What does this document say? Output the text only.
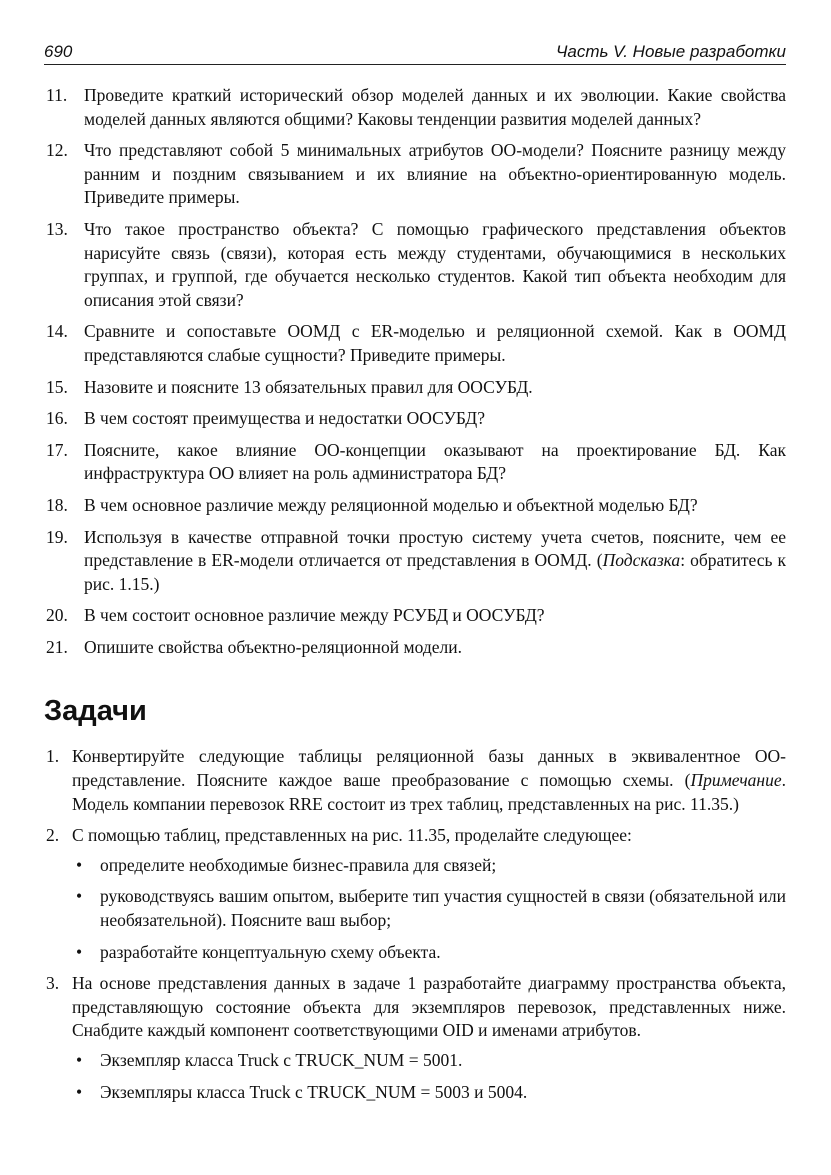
690	Часть V. Новые разработки
11. Проведите краткий исторический обзор моделей данных и их эволюции. Какие свойства моделей данных являются общими? Каковы тенденции развития моделей данных?
12. Что представляют собой 5 минимальных атрибутов ОО-модели? Поясните разницу между ранним и поздним связыванием и их влияние на объектно-ориентированную модель. Приведите примеры.
13. Что такое пространство объекта? С помощью графического представления объектов нарисуйте связь (связи), которая есть между студентами, обучающимися в нескольких группах, и группой, где обучается несколько студентов. Какой тип объекта необходим для описания этой связи?
14. Сравните и сопоставьте ООМД с ER-моделью и реляционной схемой. Как в ООМД представляются слабые сущности? Приведите примеры.
15. Назовите и поясните 13 обязательных правил для ООСУБД.
16. В чем состоят преимущества и недостатки ООСУБД?
17. Поясните, какое влияние ОО-концепции оказывают на проектирование БД. Как инфраструктура ОО влияет на роль администратора БД?
18. В чем основное различие между реляционной моделью и объектной моделью БД?
19. Используя в качестве отправной точки простую систему учета счетов, поясните, чем ее представление в ER-модели отличается от представления в ООМД. (Подсказка: обратитесь к рис. 1.15.)
20. В чем состоит основное различие между РСУБД и ООСУБД?
21. Опишите свойства объектно-реляционной модели.
Задачи
1. Конвертируйте следующие таблицы реляционной базы данных в эквивалентное ОО-представление. Поясните каждое ваше преобразование с помощью схемы. (Примечание. Модель компании перевозок RRE состоит из трех таблиц, представленных на рис. 11.35.)
2. С помощью таблиц, представленных на рис. 11.35, проделайте следующее:
• определите необходимые бизнес-правила для связей;
• руководствуясь вашим опытом, выберите тип участия сущностей в связи (обязательной или необязательной). Поясните ваш выбор;
• разработайте концептуальную схему объекта.
3. На основе представления данных в задаче 1 разработайте диаграмму пространства объекта, представляющую состояние объекта для экземпляров перевозок, представленных ниже. Снабдите каждый компонент соответствующими OID и именами атрибутов.
• Экземпляр класса Truck с TRUCK_NUM = 5001.
• Экземпляры класса Truck с TRUCK_NUM = 5003 и 5004.
